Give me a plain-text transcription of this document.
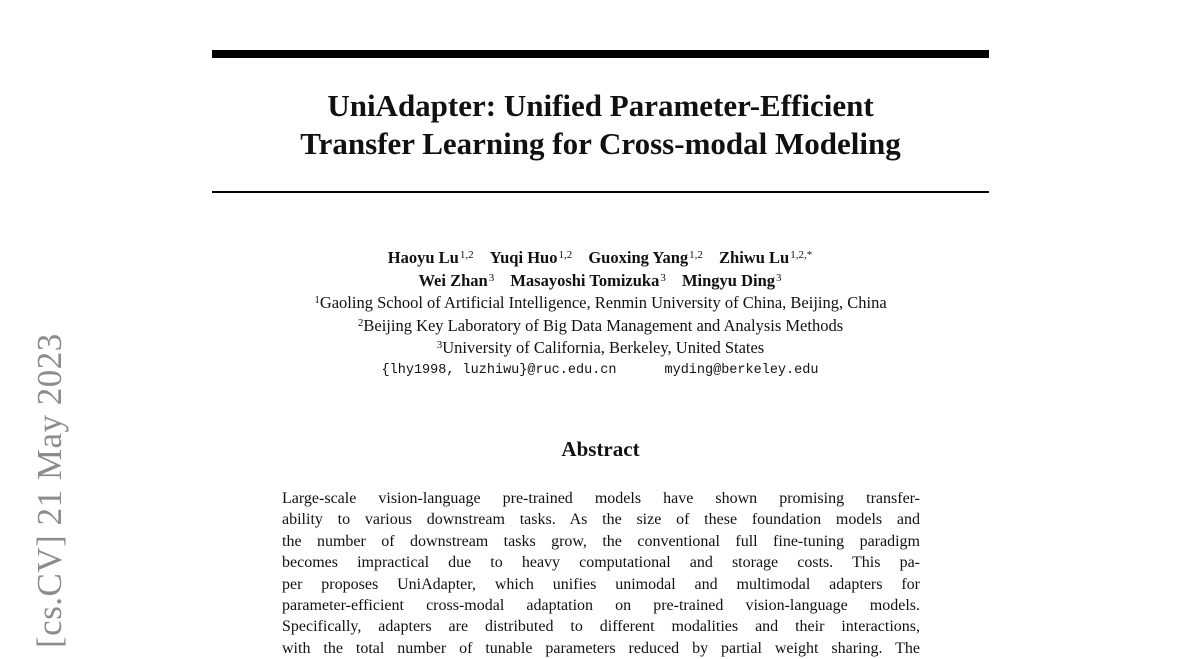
[cs.CV] 21 May 2023
UniAdapter: Unified Parameter-Efficient
Transfer Learning for Cross-modal Modeling
Haoyu Lu$^{1,2}$ Yuqi Huo$^{1,2}$ Guoxing Yang$^{1,2}$ Zhiwu $Lu^{1,2,*}$
Wei Zhan$^3$ Masayoshi Tomizuka$^3$ Mingyu Ding$^3$
$^1$Gaoling School of Artificial Intelligence, Renmin University of China, Beijing, China
$^2$Beijing Key Laboratory of Big Data Management and Analysis Methods
$^3$University of California, Berkeley, United States
{lhy1998, luzhiwu}@ruc.edu.cn	myding@berkeley.edu
Abstract
Large-scale vision-language pre-trained models have shown promising transfer-
ability to various downstream tasks. As the size of these foundation models and
the number of downstream tasks grow, the conventional full fine-tuning paradigm
becomes impractical due to heavy computational and storage costs. This pa-
per proposes UniAdapter, which unifies unimodal and multimodal adapters for
parameter-efficient cross-modal adaptation on pre-trained vision-language models.
Specifically, adapters are distributed to different modalities and their interactions,
with the total number of tunable parameters reduced by partial weight sharing. The
